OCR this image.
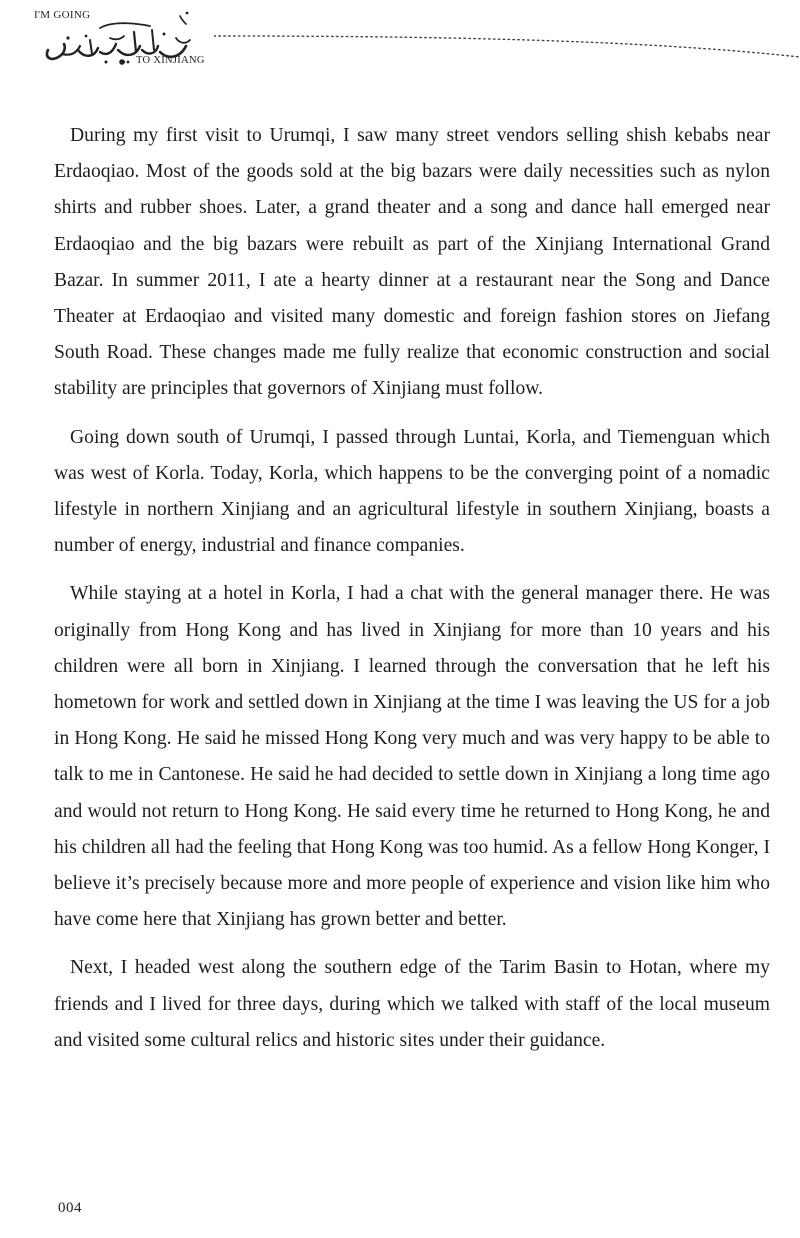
I'M GOING
TO XINJIANG

During my first visit to Urumqi, I saw many street vendors selling shish kebabs near Erdaoqiao. Most of the goods sold at the big bazars were daily necessities such as nylon shirts and rubber shoes. Later, a grand theater and a song and dance hall emerged near Erdaoqiao and the big bazars were rebuilt as part of the Xinjiang International Grand Bazar. In summer 2011, I ate a hearty dinner at a restaurant near the Song and Dance Theater at Erdaoqiao and visited many domestic and foreign fashion stores on Jiefang South Road. These changes made me fully realize that economic construction and social stability are principles that governors of Xinjiang must follow.

Going down south of Urumqi, I passed through Luntai, Korla, and Tiemenguan which was west of Korla. Today, Korla, which happens to be the converging point of a nomadic lifestyle in northern Xinjiang and an agricultural lifestyle in southern Xinjiang, boasts a number of energy, industrial and finance companies.

While staying at a hotel in Korla, I had a chat with the general manager there. He was originally from Hong Kong and has lived in Xinjiang for more than 10 years and his children were all born in Xinjiang. I learned through the conversation that he left his hometown for work and settled down in Xinjiang at the time I was leaving the US for a job in Hong Kong. He said he missed Hong Kong very much and was very happy to be able to talk to me in Cantonese. He said he had decided to settle down in Xinjiang a long time ago and would not return to Hong Kong. He said every time he returned to Hong Kong, he and his children all had the feeling that Hong Kong was too humid. As a fellow Hong Konger, I believe it’s precisely because more and more people of experience and vision like him who have come here that Xinjiang has grown better and better.

Next, I headed west along the southern edge of the Tarim Basin to Hotan, where my friends and I lived for three days, during which we talked with staff of the local museum and visited some cultural relics and historic sites under their guidance.

004
